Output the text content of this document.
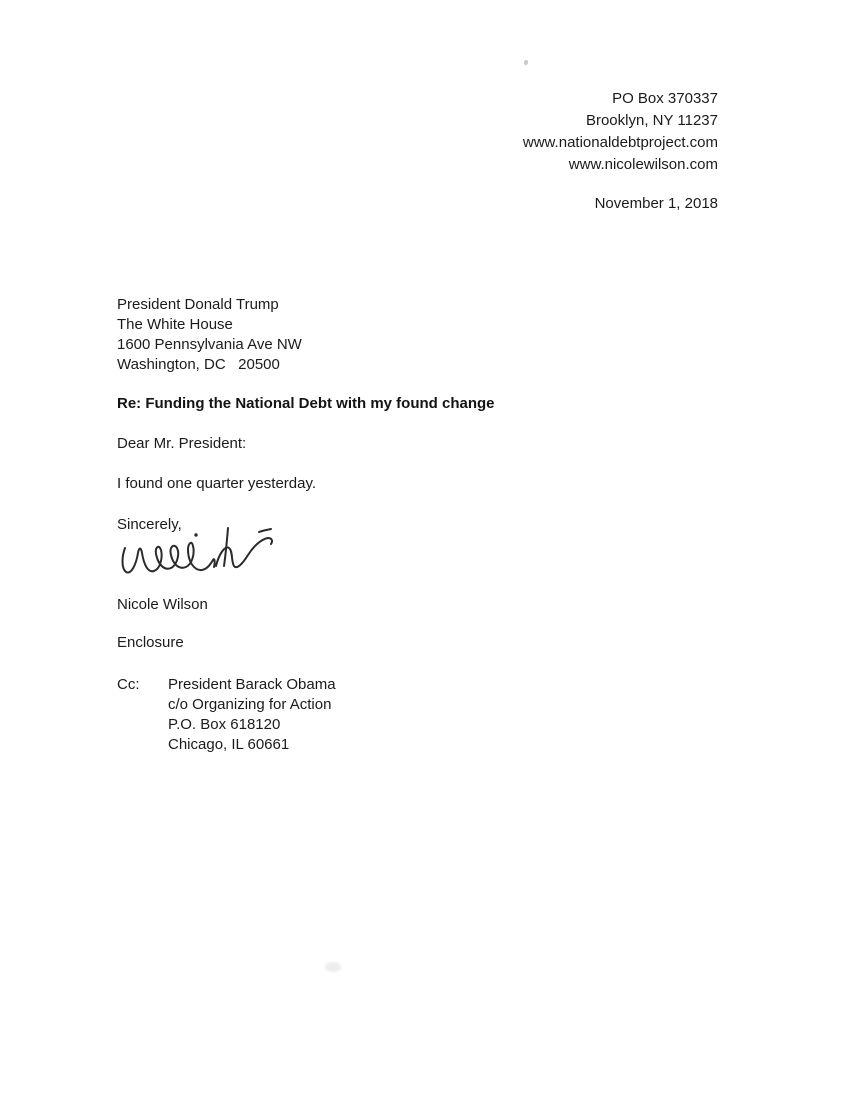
PO Box 370337
Brooklyn, NY 11237
www.nationaldebtproject.com
www.nicolewilson.com
November 1, 2018
President Donald Trump
The White House
1600 Pennsylvania Ave NW
Washington, DC   20500
Re: Funding the National Debt with my found change
Dear Mr. President:
I found one quarter yesterday.
Sincerely,
Nicole Wilson
Enclosure
Cc:	President Barack Obama
c/o Organizing for Action
P.O. Box 618120
Chicago, IL 60661
